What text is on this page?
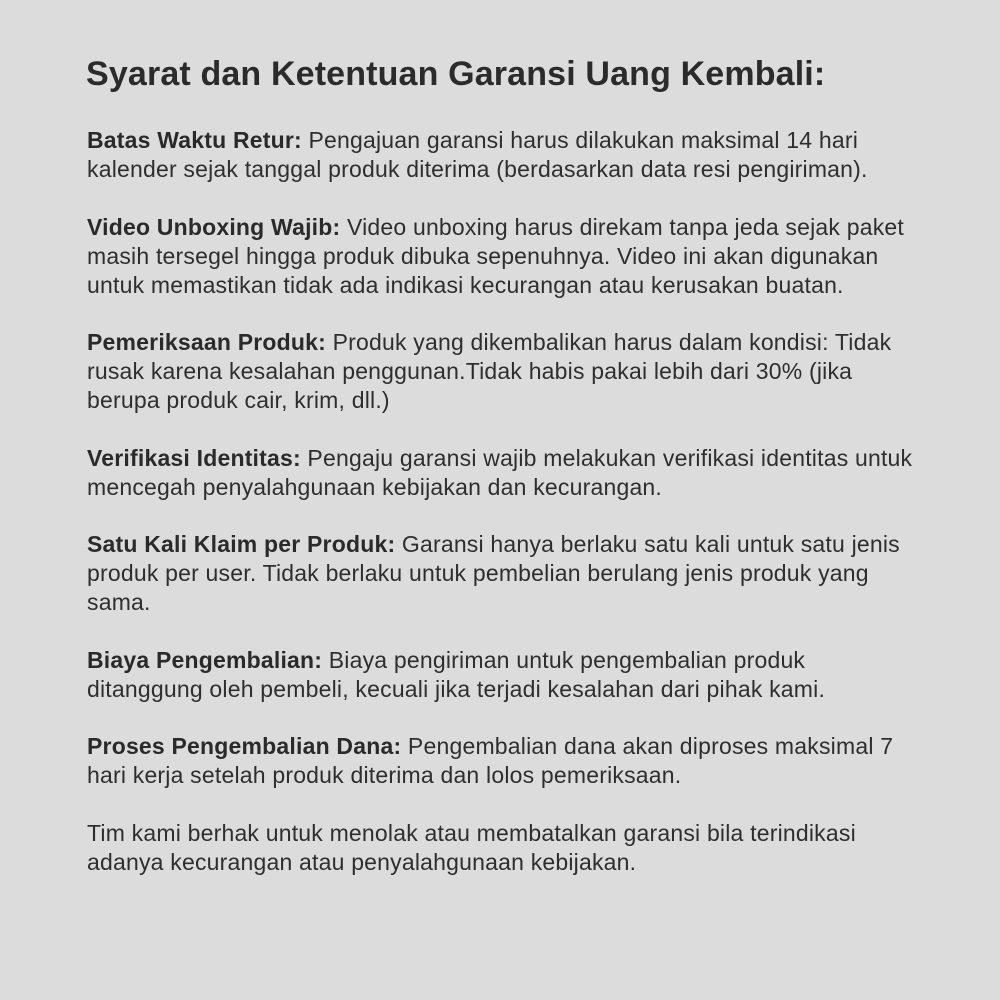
Syarat dan Ketentuan Garansi Uang Kembali:

Batas Waktu Retur: Pengajuan garansi harus dilakukan maksimal 14 hari kalender sejak tanggal produk diterima (berdasarkan data resi pengiriman).

Video Unboxing Wajib: Video unboxing harus direkam tanpa jeda sejak paket masih tersegel hingga produk dibuka sepenuhnya. Video ini akan digunakan untuk memastikan tidak ada indikasi kecurangan atau kerusakan buatan.

Pemeriksaan Produk: Produk yang dikembalikan harus dalam kondisi: Tidak rusak karena kesalahan penggunan.Tidak habis pakai lebih dari 30% (jika berupa produk cair, krim, dll.)

Verifikasi Identitas: Pengaju garansi wajib melakukan verifikasi identitas untuk mencegah penyalahgunaan kebijakan dan kecurangan.

Satu Kali Klaim per Produk: Garansi hanya berlaku satu kali untuk satu jenis produk per user. Tidak berlaku untuk pembelian berulang jenis produk yang sama.

Biaya Pengembalian: Biaya pengiriman untuk pengembalian produk ditanggung oleh pembeli, kecuali jika terjadi kesalahan dari pihak kami.

Proses Pengembalian Dana: Pengembalian dana akan diproses maksimal 7 hari kerja setelah produk diterima dan lolos pemeriksaan.

Tim kami berhak untuk menolak atau membatalkan garansi bila terindikasi adanya kecurangan atau penyalahgunaan kebijakan.
